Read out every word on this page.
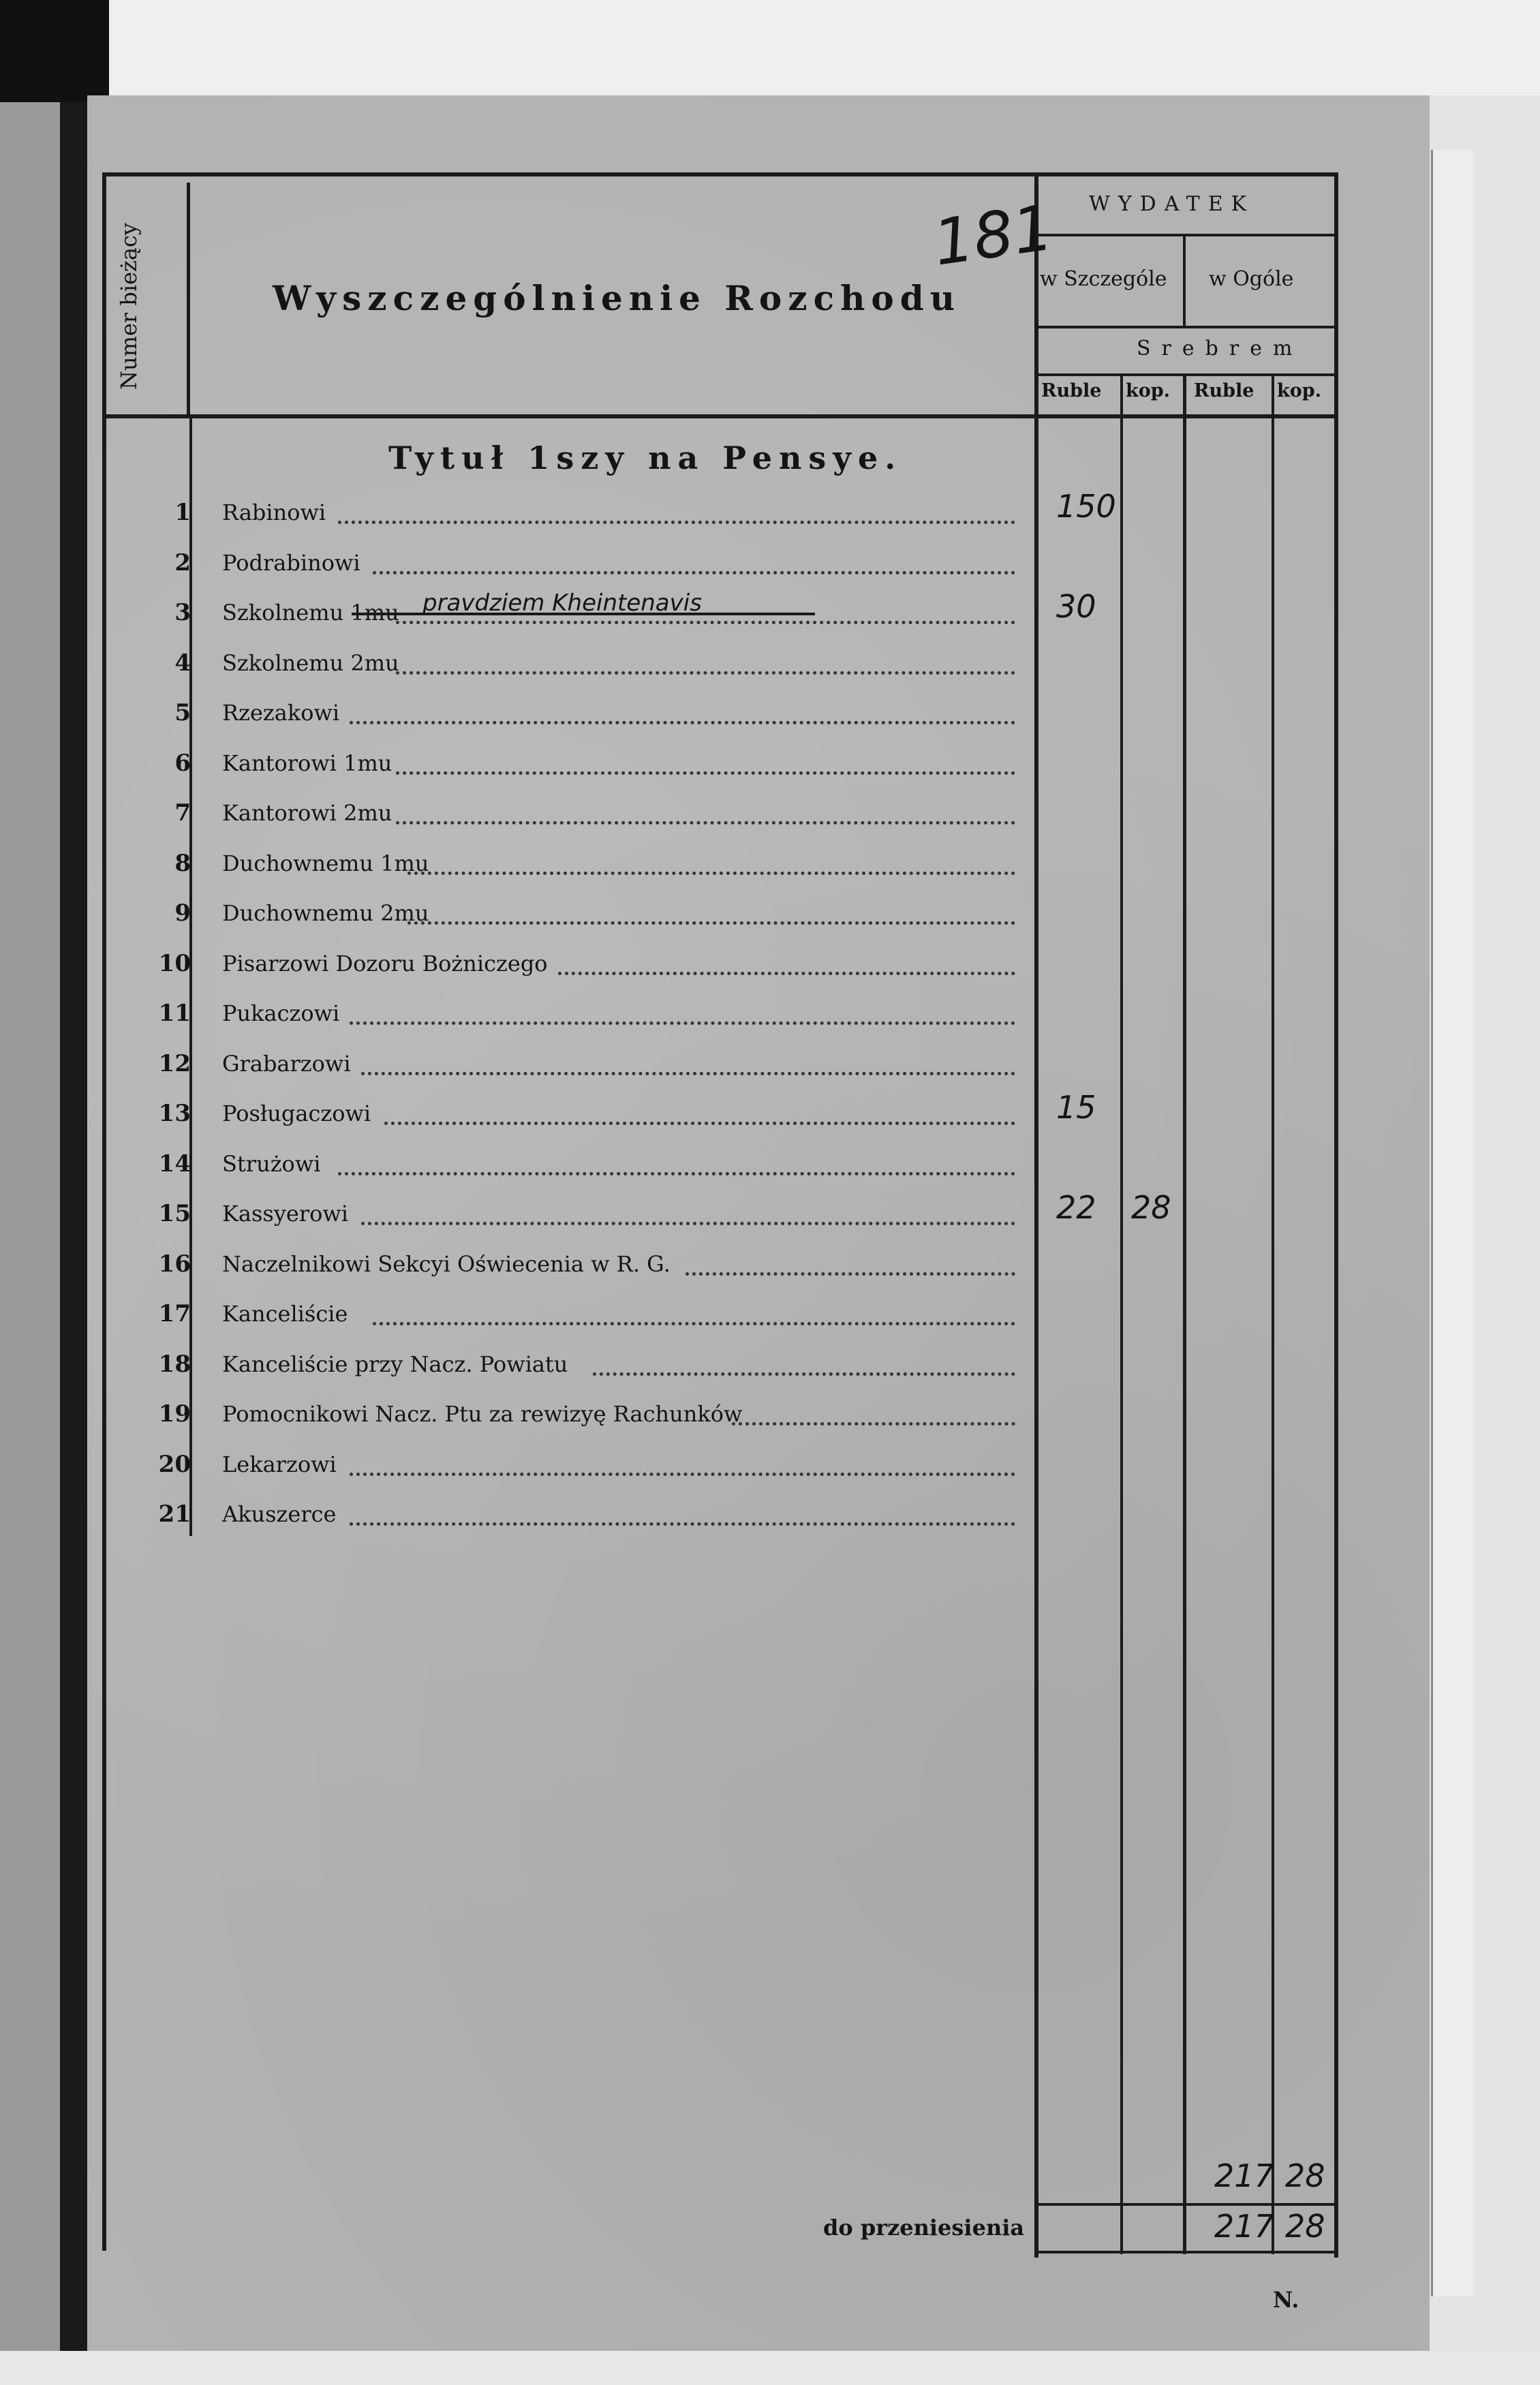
Numer bieżący	Wyszczególnienie Rozchodu
181 WYDATEK
w Szczególe w Ogóle
Srebrem
Ruble kop. Ruble kop.
Tytuł 1szy na Pensye.
1 Rabinowi	150
2 Podrabinowi
3 Szkolnemu 1mu pravdziem Kheintenavis	30
4 Szkolnemu 2mu
5 Rzezakowi
6 Kantorowi 1mu
7 Kantorowi 2mu
8 Duchownemu 1mu
9 Duchownemu 2mu
10 Pisarzowi Dozoru Bożniczego
11 Pukaczowi
12 Grabarzowi
13 Posługaczowi	15
14 Strużowi
15 Kassyerowi	22 28
16 Naczelnikowi Sekcyi Oświecenia w R. G.
17 Kanceliście
18 Kanceliście przy Nacz. Powiatu
19 Pomocnikowi Nacz. Ptu za rewizyę Rachunków
20 Lekarzowi
21 Akuszerce
217 28
do przeniesienia	217 28
N.
